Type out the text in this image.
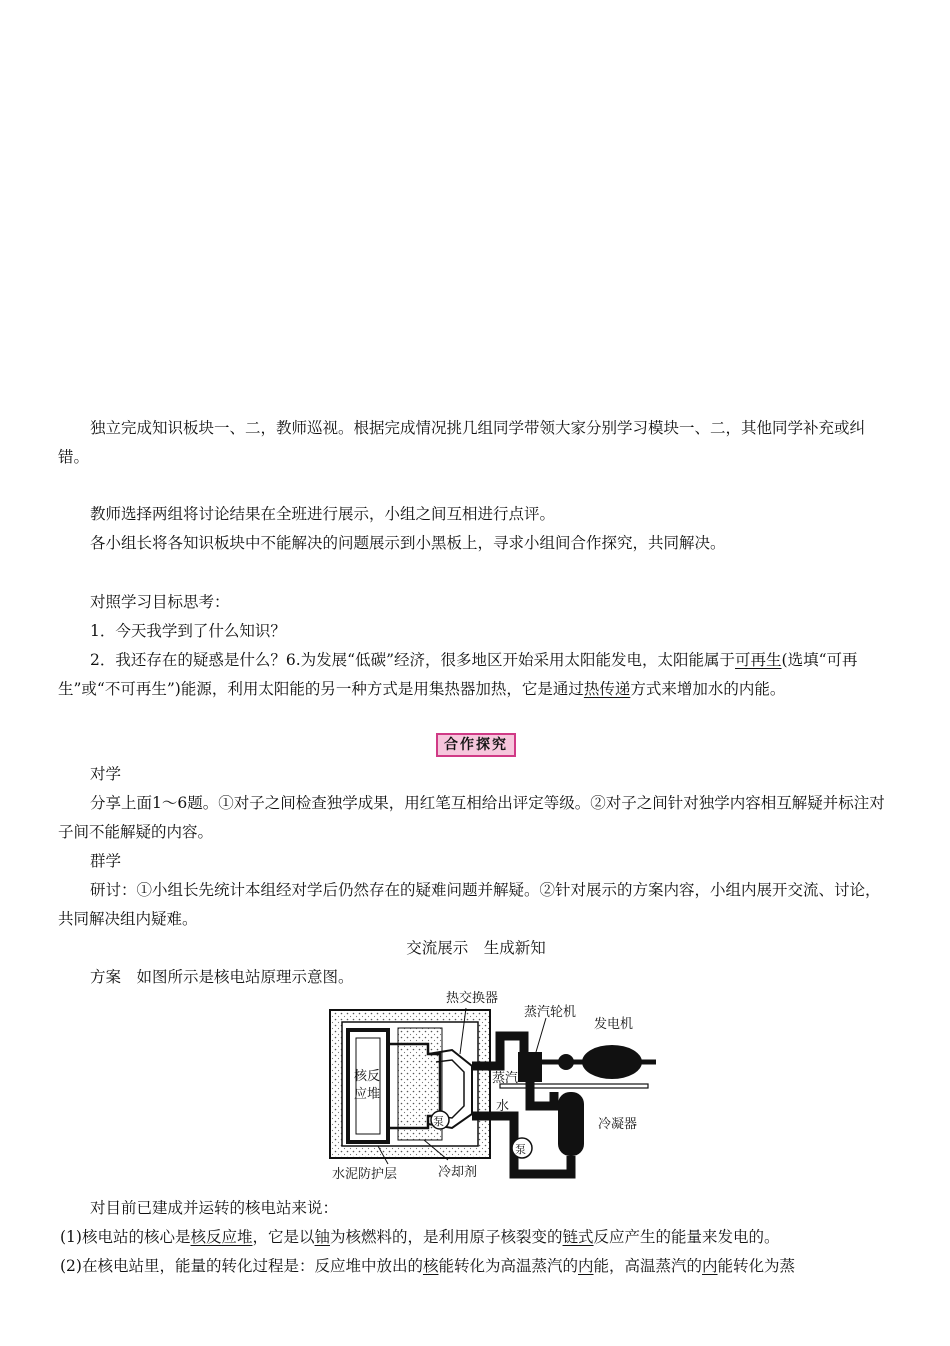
独立完成知识板块一、二，教师巡视。根据完成情况挑几组同学带领大家分别学习模块一、二，其他同学补充或纠错。

教师选择两组将讨论结果在全班进行展示，小组之间互相进行点评。

各小组长将各知识板块中不能解决的问题展示到小黑板上，寻求小组间合作探究，共同解决。

对照学习目标思考：

1．今天我学到了什么知识？

2．我还存在的疑惑是什么？6.为发展“低碳”经济，很多地区开始采用太阳能发电，太阳能属于可再生(选填“可再生”或“不可再生”)能源，利用太阳能的另一种方式是用集热器加热，它是通过热传递方式来增加水的内能。

合作探究

对学

分享上面1～6题。①对子之间检查独学成果，用红笔互相给出评定等级。②对子之间针对独学内容相互解疑并标注对子间不能解疑的内容。

群学

研讨：①小组长先统计本组经对学后仍然存在的疑难问题并解疑。②针对展示的方案内容，小组内展开交流、讨论，共同解决组内疑难。

交流展示　生成新知

方案　如图所示是核电站原理示意图。

核反
应堆
热交换器
泵
蒸汽轮机
发电机
蒸汽
冷凝器
水
泵
水泥防护层	冷却剂

对目前已建成并运转的核电站来说：

(1)核电站的核心是核反应堆，它是以铀为核燃料的，是利用原子核裂变的链式反应产生的能量来发电的。

(2)在核电站里，能量的转化过程是：反应堆中放出的核能转化为高温蒸汽的内能，高温蒸汽的内能转化为蒸
